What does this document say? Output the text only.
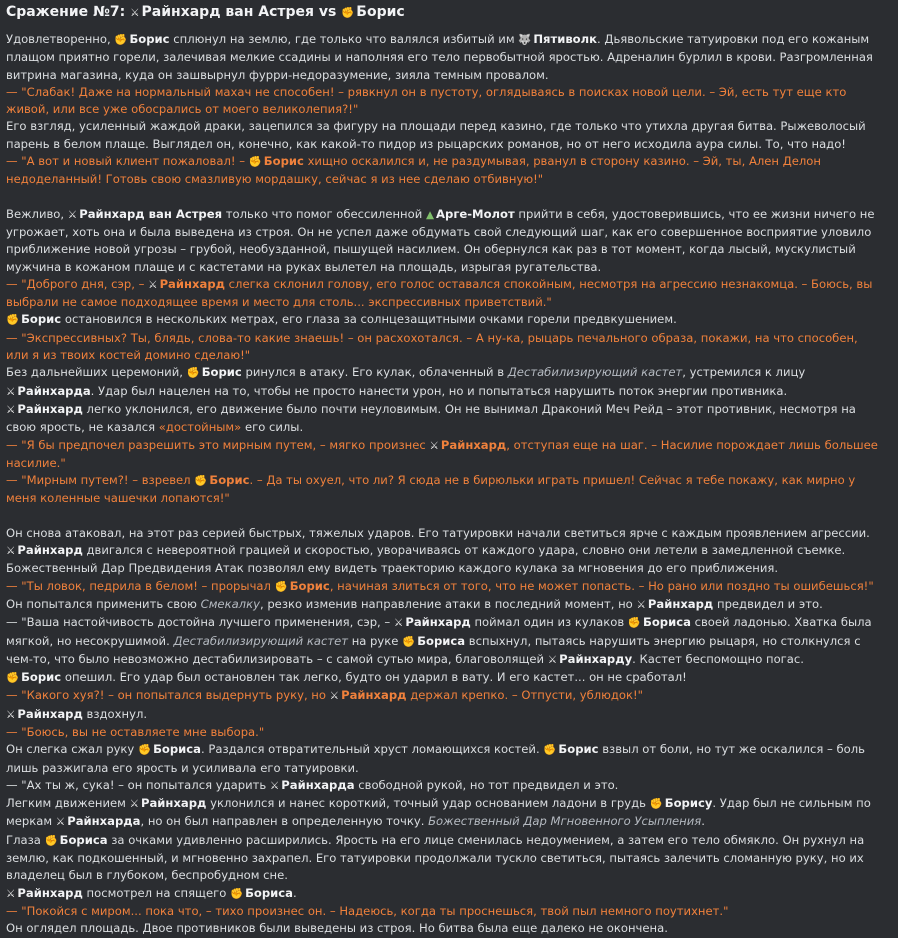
Сражение №7: ⚔ Райнхард ван Астрея vs ✊ Борис

Удовлетворенно, ✊ Борис сплюнул на землю, где только что валялся избитый им 🐺 Пятиволк. Дьявольские татуировки под его кожаным плащом приятно горели, залечивая мелкие ссадины и наполняя его тело первобытной яростью. Адреналин бурлил в крови. Разгромленная витрина магазина, куда он зашвырнул фурри-недоразумение, зияла темным провалом.

— "Слабак! Даже на нормальный махач не способен! – рявкнул он в пустоту, оглядываясь в поисках новой цели. – Эй, есть тут еще кто живой, или все уже обосрались от моего великолепия?!"

Его взгляд, усиленный жаждой драки, зацепился за фигуру на площади перед казино, где только что утихла другая битва. Рыжеволосый парень в белом плаще. Выглядел он, конечно, как какой-то пидор из рыцарских романов, но от него исходила аура силы. То, что надо!

— "А вот и новый клиент пожаловал! – ✊ Борис хищно оскалился и, не раздумывая, рванул в сторону казино. – Эй, ты, Ален Делон недоделанный! Готовь свою смазливую мордашку, сейчас я из нее сделаю отбивную!"

Вежливо, ⚔ Райнхард ван Астрея только что помог обессиленной ▲ Арге-Молот прийти в себя, удостоверившись, что ее жизни ничего не угрожает, хоть она и была выведена из строя. Он не успел даже обдумать свой следующий шаг, как его совершенное восприятие уловило приближение новой угрозы – грубой, необузданной, пышущей насилием. Он обернулся как раз в тот момент, когда лысый, мускулистый мужчина в кожаном плаще и с кастетами на руках вылетел на площадь, изрыгая ругательства.

— "Доброго дня, сэр, – ⚔ Райнхард слегка склонил голову, его голос оставался спокойным, несмотря на агрессию незнакомца. – Боюсь, вы выбрали не самое подходящее время и место для столь... экспрессивных приветствий."

✊ Борис остановился в нескольких метрах, его глаза за солнцезащитными очками горели предвкушением.

— "Экспрессивных? Ты, блядь, слова-то какие знаешь! – он расхохотался. – А ну-ка, рыцарь печального образа, покажи, на что способен, или я из твоих костей домино сделаю!"

Без дальнейших церемоний, ✊ Борис ринулся в атаку. Его кулак, облаченный в Дестабилизирующий кастет, устремился к лицу ⚔ Райнхарда. Удар был нацелен на то, чтобы не просто нанести урон, но и попытаться нарушить поток энергии противника.

⚔ Райнхард легко уклонился, его движение было почти неуловимым. Он не вынимал Драконий Меч Рейд – этот противник, несмотря на свою ярость, не казался «достойным» его силы.

— "Я бы предпочел разрешить это мирным путем, – мягко произнес ⚔ Райнхард, отступая еще на шаг. – Насилие порождает лишь большее насилие."

— "Мирным путем?! – взревел ✊ Борис. – Да ты охуел, что ли? Я сюда не в бирюльки играть пришел! Сейчас я тебе покажу, как мирно у меня коленные чашечки лопаются!"

Он снова атаковал, на этот раз серией быстрых, тяжелых ударов. Его татуировки начали светиться ярче с каждым проявлением агрессии. ⚔ Райнхард двигался с невероятной грацией и скоростью, уворачиваясь от каждого удара, словно они летели в замедленной съемке. Божественный Дар Предвидения Атак позволял ему видеть траекторию каждого кулака за мгновения до его приближения.

— "Ты ловок, педрила в белом! – прорычал ✊ Борис, начиная злиться от того, что не может попасть. – Но рано или поздно ты ошибешься!"

Он попытался применить свою Смекалку, резко изменив направление атаки в последний момент, но ⚔ Райнхард предвидел и это.

— "Ваша настойчивость достойна лучшего применения, сэр, – ⚔ Райнхард поймал один из кулаков ✊ Бориса своей ладонью. Хватка была мягкой, но несокрушимой. Дестабилизирующий кастет на руке ✊ Бориса вспыхнул, пытаясь нарушить энергию рыцаря, но столкнулся с чем-то, что было невозможно дестабилизировать – с самой сутью мира, благоволящей ⚔ Райнхарду. Кастет беспомощно погас.

✊ Борис опешил. Его удар был остановлен так легко, будто он ударил в вату. И его кастет... он не сработал!

— "Какого хуя?! – он попытался выдернуть руку, но ⚔ Райнхард держал крепко. – Отпусти, ублюдок!"

⚔ Райнхард вздохнул.

— "Боюсь, вы не оставляете мне выбора."

Он слегка сжал руку ✊ Бориса. Раздался отвратительный хруст ломающихся костей. ✊ Борис взвыл от боли, но тут же оскалился – боль лишь разжигала его ярость и усиливала его татуировки.

— "Ах ты ж, сука! – он попытался ударить ⚔ Райнхарда свободной рукой, но тот предвидел и это.

Легким движением ⚔ Райнхард уклонился и нанес короткий, точный удар основанием ладони в грудь ✊ Борису. Удар был не сильным по меркам ⚔ Райнхарда, но он был направлен в определенную точку. Божественный Дар Мгновенного Усыпления.

Глаза ✊ Бориса за очками удивленно расширились. Ярость на его лице сменилась недоумением, а затем его тело обмякло. Он рухнул на землю, как подкошенный, и мгновенно захрапел. Его татуировки продолжали тускло светиться, пытаясь залечить сломанную руку, но их владелец был в глубоком, беспробудном сне.

⚔ Райнхард посмотрел на спящего ✊ Бориса.

— "Покойся с миром... пока что, – тихо произнес он. – Надеюсь, когда ты проснешься, твой пыл немного поутихнет."

Он оглядел площадь. Двое противников были выведены из строя. Но битва была еще далеко не окончена.
